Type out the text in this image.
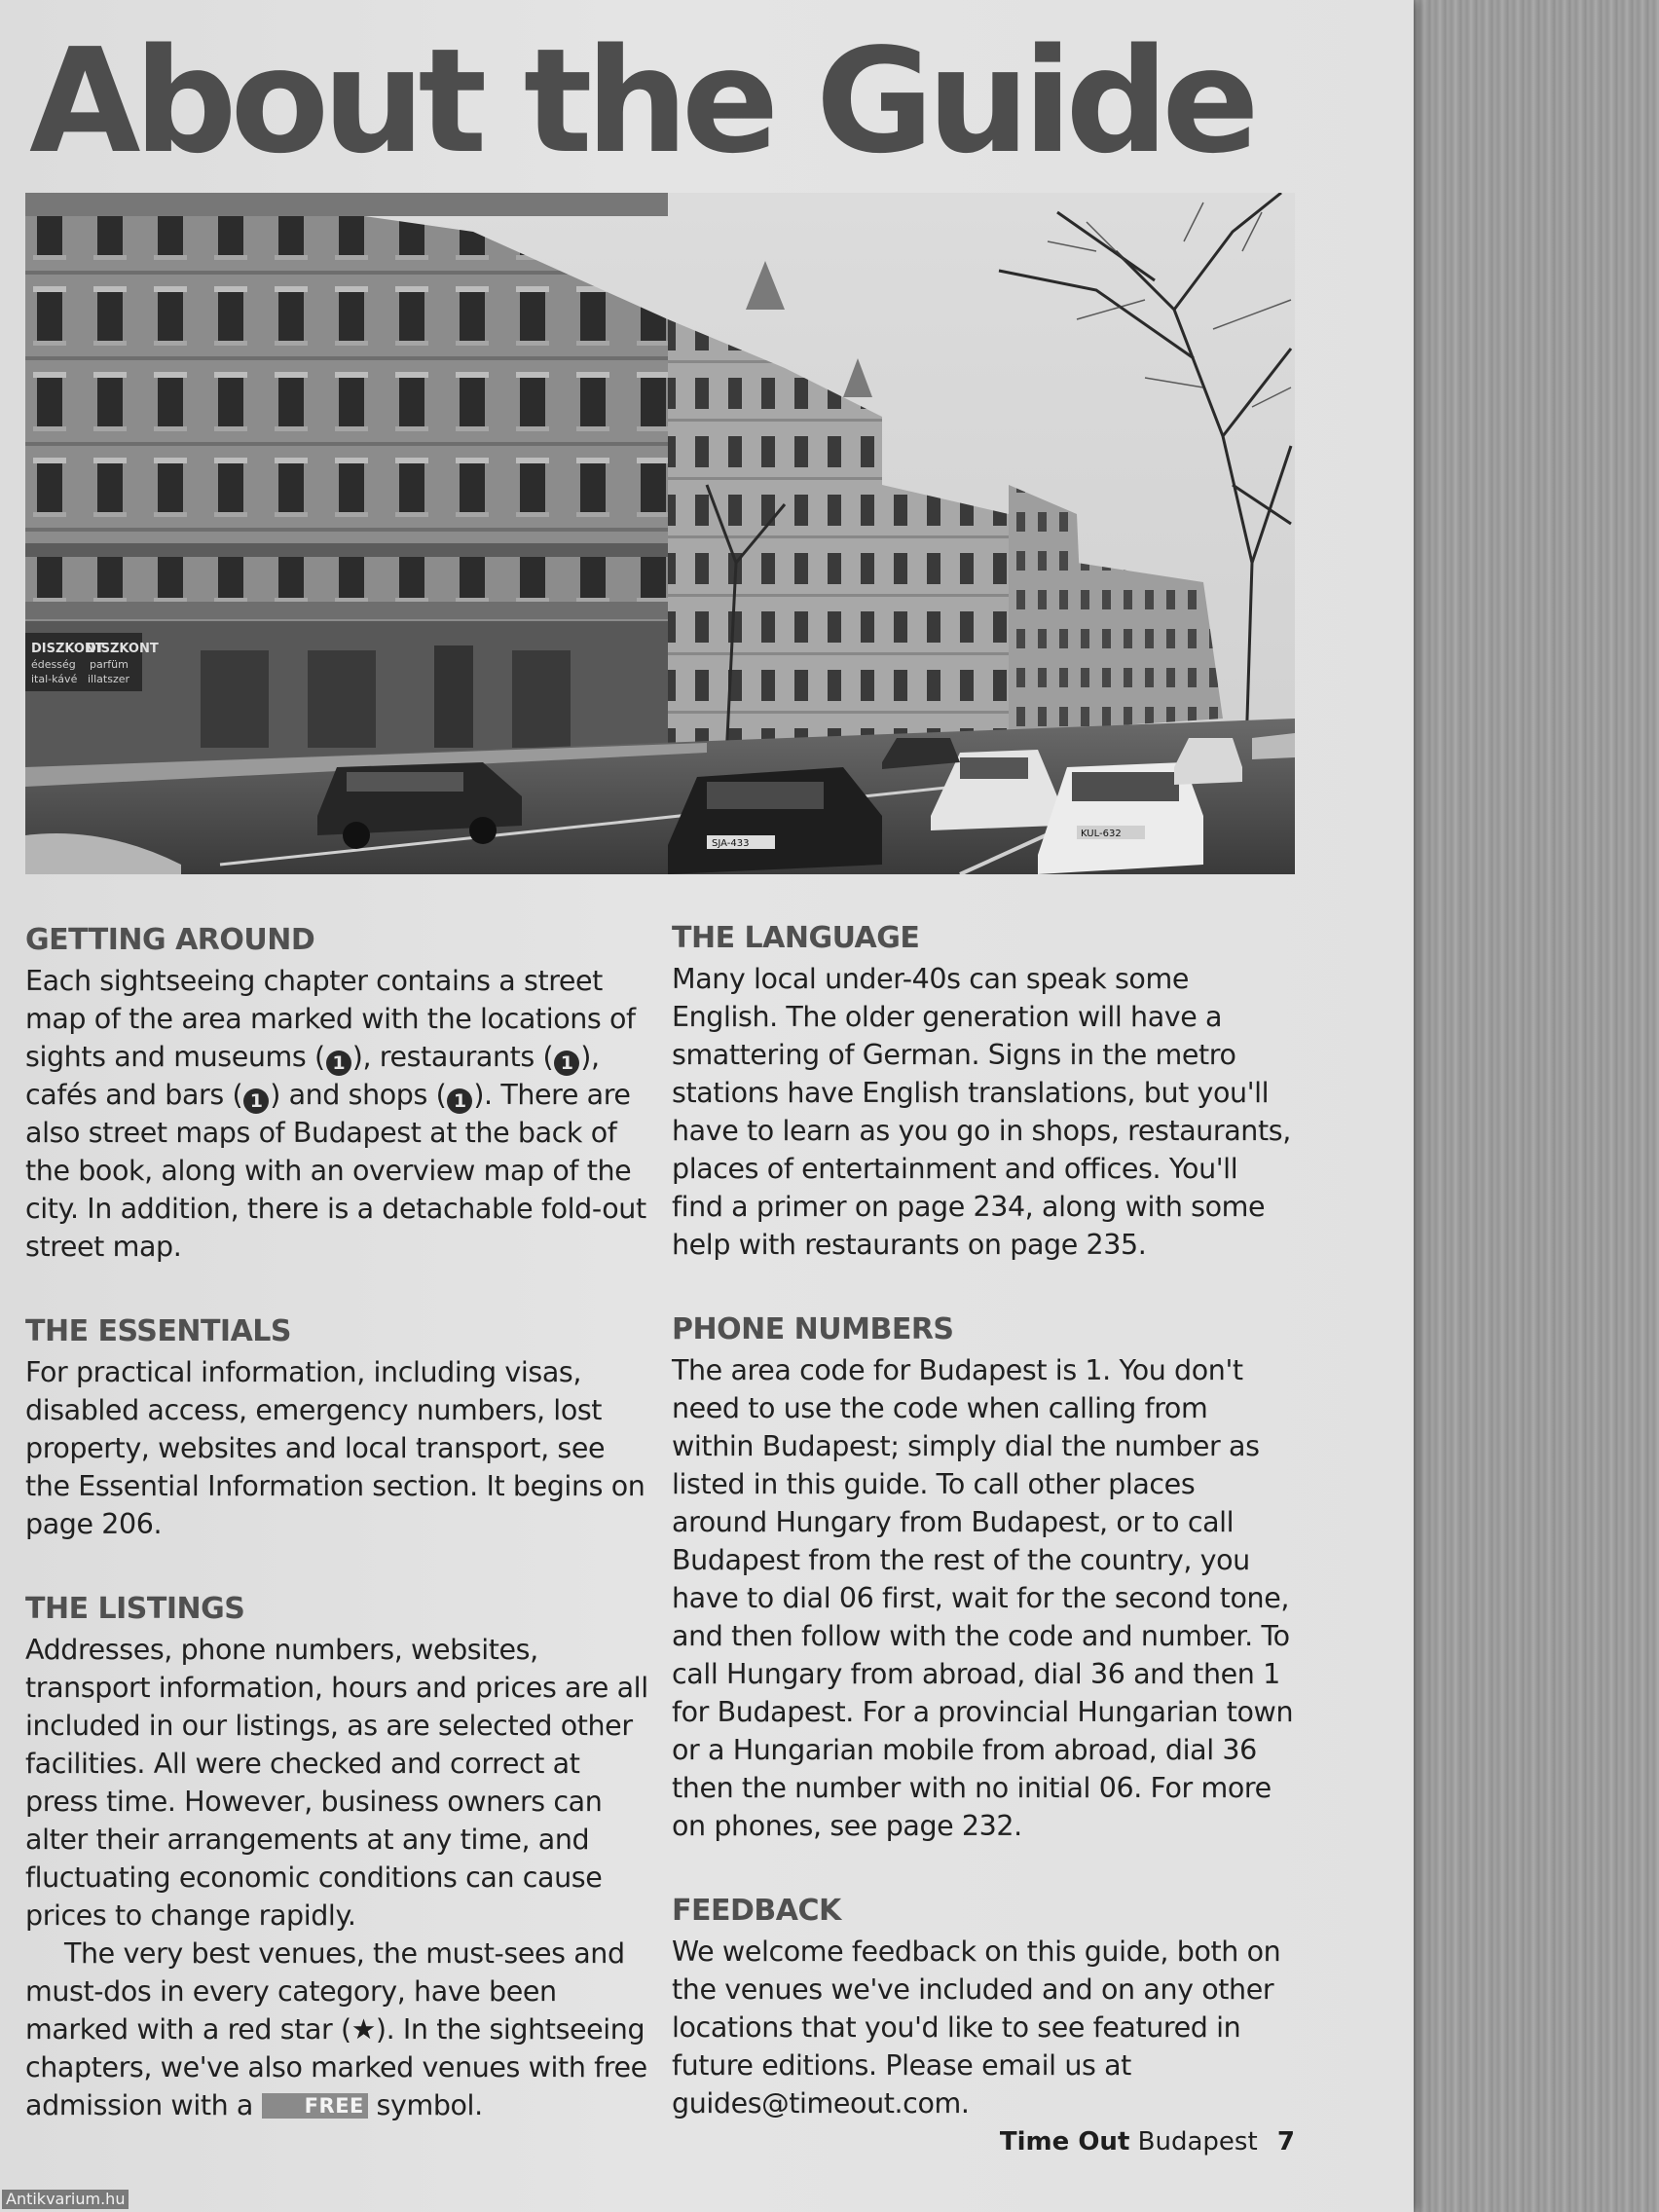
About the Guide
DISZKONT
DISZKONT
édesség parfüm
ital-kávé illatszer
SJA-433
KUL-632
GETTING AROUND

Each sightseeing chapter contains a street map of the area marked with the locations of sights and museums ( 1 ), restaurants ( 1 ), cafés and bars ( 1 ) and shops ( 1 ). There are also street maps of Budapest at the back of the book, along with an overview map of the city. In addition, there is a detachable fold-out street map.

THE ESSENTIALS

For practical information, including visas, disabled access, emergency numbers, lost property, websites and local transport, see the Essential Information section. It begins on page 206.

THE LISTINGS

Addresses, phone numbers, websites, transport information, hours and prices are all included in our listings, as are selected other facilities. All were checked and correct at press time. However, business owners can alter their arrangements at any time, and fluctuating economic conditions can cause prices to change rapidly.

The very best venues, the must-sees and must-dos in every category, have been marked with a red star (★). In the sightseeing chapters, we've also marked venues with free admission with a FREE symbol.

THE LANGUAGE

Many local under-40s can speak some English. The older generation will have a smattering of German. Signs in the metro stations have English translations, but you'll have to learn as you go in shops, restaurants, places of entertainment and offices. You'll find a primer on page 234, along with some help with restaurants on page 235.

PHONE NUMBERS

The area code for Budapest is 1. You don't need to use the code when calling from within Budapest; simply dial the number as listed in this guide. To call other places around Hungary from Budapest, or to call Budapest from the rest of the country, you have to dial 06 first, wait for the second tone, and then follow with the code and number. To call Hungary from abroad, dial 36 and then 1 for Budapest. For a provincial Hungarian town or a Hungarian mobile from abroad, dial 36 then the number with no initial 06. For more on phones, see page 232.

FEEDBACK

We welcome feedback on this guide, both on the venues we've included and on any other locations that you'd like to see featured in future editions. Please email us at guides@timeout.com.

Time Out Budapest 7
Antikvarium.hu
